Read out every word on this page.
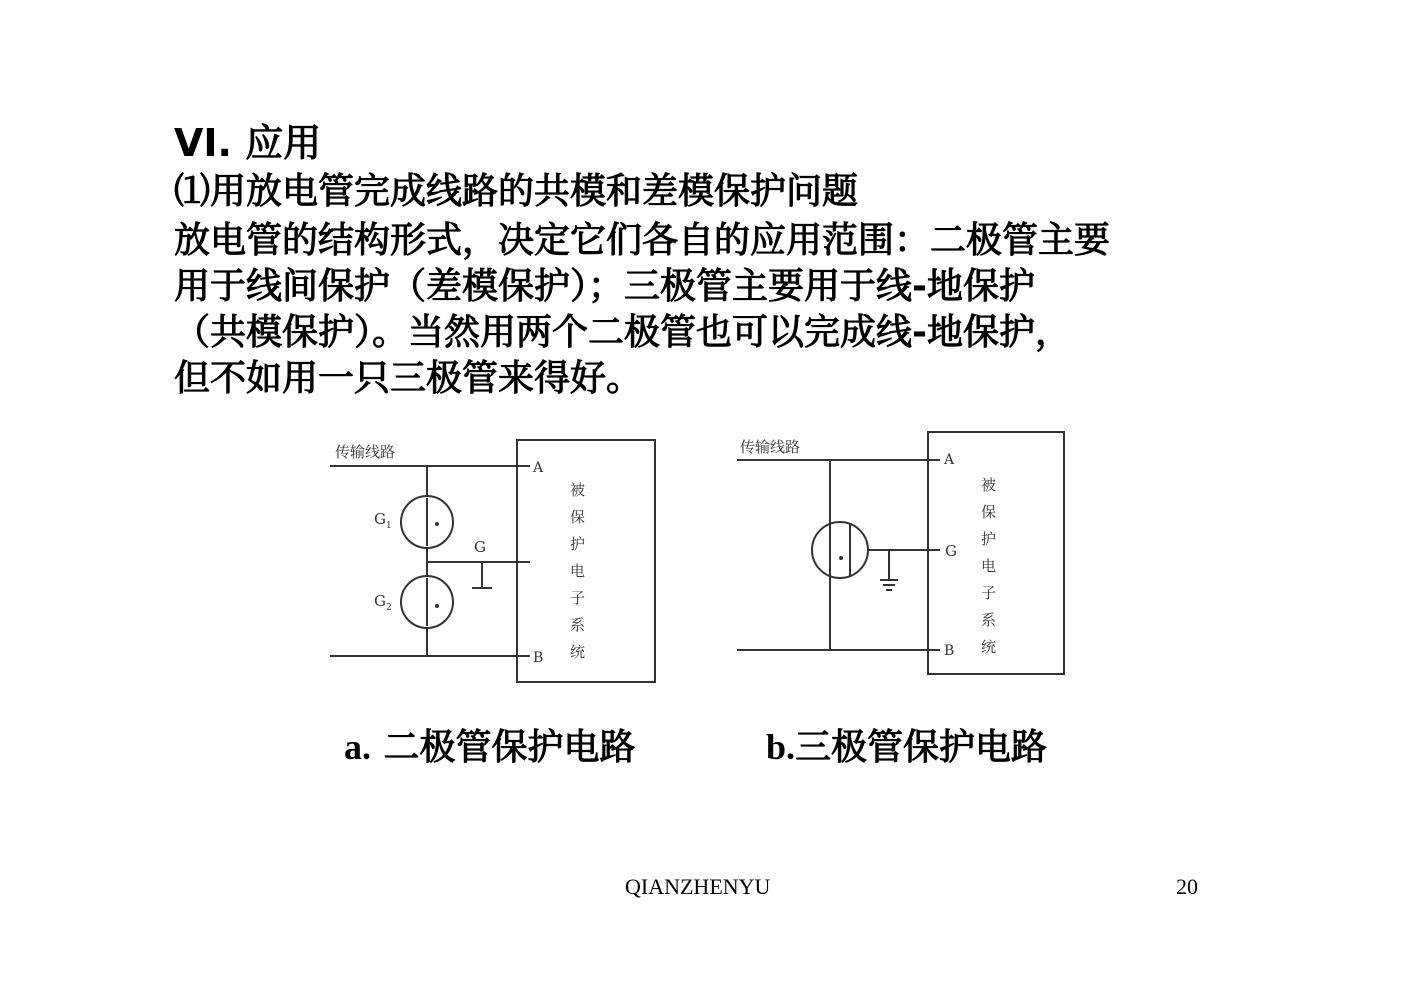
VI. 应用
⑴用放电管完成线路的共模和差模保护问题
放电管的结构形式，决定它们各自的应用范围：二极管主要
用于线间保护（差模保护）；三极管主要用于线-地保护
（共模保护）。当然用两个二极管也可以完成线-地保护，
但不如用一只三极管来得好。
传输线路
$G_1$
$G_2$
G
A
B
被
保
护
电
子
系
统
传输线路
G
A
B
被
保
护
电
子
系
统
a. 二极管保护电路	b.三极管保护电路
QIANZHENYU	20
